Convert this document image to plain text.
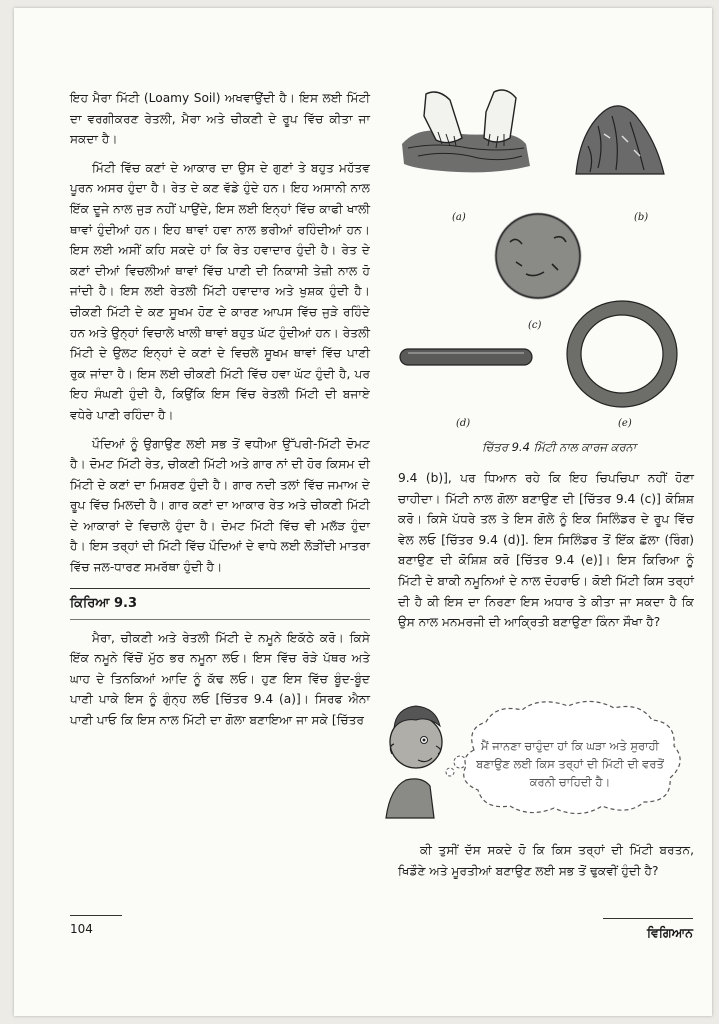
ਇਹ ਮੈਰਾ ਮਿੱਟੀ (Loamy Soil) ਅਖਵਾਉਂਦੀ ਹੈ। ਇਸ ਲਈ ਮਿੱਟੀ ਦਾ ਵਰਗੀਕਰਣ ਰੇਤਲੀ, ਮੈਰਾ ਅਤੇ ਚੀਕਣੀ ਦੇ ਰੂਪ ਵਿੱਚ ਕੀਤਾ ਜਾ ਸਕਦਾ ਹੈ।

ਮਿੱਟੀ ਵਿੱਚ ਕਣਾਂ ਦੇ ਆਕਾਰ ਦਾ ਉਸ ਦੇ ਗੁਣਾਂ ਤੇ ਬਹੁਤ ਮਹੱਤਵ ਪੂਰਨ ਅਸਰ ਹੁੰਦਾ ਹੈ। ਰੇਤ ਦੇ ਕਣ ਵੱਡੇ ਹੁੰਦੇ ਹਨ। ਇਹ ਅਸਾਨੀ ਨਾਲ ਇੱਕ ਦੂਜੇ ਨਾਲ ਜੁੜ ਨਹੀਂ ਪਾਉਂਦੇ, ਇਸ ਲਈ ਇਨ੍ਹਾਂ ਵਿੱਚ ਕਾਫੀ ਖਾਲੀ ਥਾਵਾਂ ਹੁੰਦੀਆਂ ਹਨ। ਇਹ ਥਾਵਾਂ ਹਵਾ ਨਾਲ ਭਰੀਆਂ ਰਹਿੰਦੀਆਂ ਹਨ। ਇਸ ਲਈ ਅਸੀਂ ਕਹਿ ਸਕਦੇ ਹਾਂ ਕਿ ਰੇਤ ਹਵਾਦਾਰ ਹੁੰਦੀ ਹੈ। ਰੇਤ ਦੇ ਕਣਾਂ ਦੀਆਂ ਵਿਚਲੀਆਂ ਥਾਵਾਂ ਵਿੱਚ ਪਾਣੀ ਦੀ ਨਿਕਾਸੀ ਤੇਜ਼ੀ ਨਾਲ ਹੋ ਜਾਂਦੀ ਹੈ। ਇਸ ਲਈ ਰੇਤਲੀ ਮਿੱਟੀ ਹਵਾਦਾਰ ਅਤੇ ਖੁਸ਼ਕ ਹੁੰਦੀ ਹੈ। ਚੀਕਣੀ ਮਿੱਟੀ ਦੇ ਕਣ ਸੂਖਮ ਹੋਣ ਦੇ ਕਾਰਣ ਆਪਸ ਵਿੱਚ ਜੁੜੇ ਰਹਿੰਦੇ ਹਨ ਅਤੇ ਉਨ੍ਹਾਂ ਵਿਚਾਲੇ ਖਾਲੀ ਥਾਵਾਂ ਬਹੁਤ ਘੱਟ ਹੁੰਦੀਆਂ ਹਨ। ਰੇਤਲੀ ਮਿੱਟੀ ਦੇ ਉਲਟ ਇਨ੍ਹਾਂ ਦੇ ਕਣਾਂ ਦੇ ਵਿਚਲੇ ਸੂਖਮ ਥਾਵਾਂ ਵਿੱਚ ਪਾਣੀ ਰੁਕ ਜਾਂਦਾ ਹੈ। ਇਸ ਲਈ ਚੀਕਣੀ ਮਿੱਟੀ ਵਿੱਚ ਹਵਾ ਘੱਟ ਹੁੰਦੀ ਹੈ, ਪਰ ਇਹ ਸੰਘਣੀ ਹੁੰਦੀ ਹੈ, ਕਿਉਂਕਿ ਇਸ ਵਿੱਚ ਰੇਤਲੀ ਮਿੱਟੀ ਦੀ ਬਜਾਏ ਵਧੇਰੇ ਪਾਣੀ ਰਹਿੰਦਾ ਹੈ।

ਪੌਦਿਆਂ ਨੂੰ ਉਗਾਉਣ ਲਈ ਸਭ ਤੋਂ ਵਧੀਆ ਉੱਪਰੀ-ਮਿੱਟੀ ਦੋਮਟ ਹੈ। ਦੋਮਟ ਮਿੱਟੀ ਰੇਤ, ਚੀਕਣੀ ਮਿੱਟੀ ਅਤੇ ਗਾਰ ਨਾਂ ਦੀ ਹੋਰ ਕਿਸਮ ਦੀ ਮਿੱਟੀ ਦੇ ਕਣਾਂ ਦਾ ਮਿਸ਼ਰਣ ਹੁੰਦੀ ਹੈ। ਗਾਰ ਨਦੀ ਤਲਾਂ ਵਿੱਚ ਜਮਾਅ ਦੇ ਰੂਪ ਵਿੱਚ ਮਿਲਦੀ ਹੈ। ਗਾਰ ਕਣਾਂ ਦਾ ਆਕਾਰ ਰੇਤ ਅਤੇ ਚੀਕਣੀ ਮਿੱਟੀ ਦੇ ਆਕਾਰਾਂ ਦੇ ਵਿਚਾਲੇ ਹੁੰਦਾ ਹੈ। ਦੋਮਟ ਮਿੱਟੀ ਵਿੱਚ ਵੀ ਮਲੱੜ ਹੁੰਦਾ ਹੈ। ਇਸ ਤਰ੍ਹਾਂ ਦੀ ਮਿੱਟੀ ਵਿੱਚ ਪੌਦਿਆਂ ਦੇ ਵਾਧੇ ਲਈ ਲੋੜੀਂਦੀ ਮਾਤਰਾ ਵਿੱਚ ਜਲ-ਧਾਰਣ ਸਮਰੱਥਾ ਹੁੰਦੀ ਹੈ।

ਕਿਰਿਆ 9.3

ਮੈਰਾ, ਚੀਕਣੀ ਅਤੇ ਰੇਤਲੀ ਮਿੱਟੀ ਦੇ ਨਮੂਨੇ ਇਕੱਠੇ ਕਰੋ। ਕਿਸੇ ਇੱਕ ਨਮੂਨੇ ਵਿੱਚੋਂ ਮੁੱਠ ਭਰ ਨਮੂਨਾ ਲਓ। ਇਸ ਵਿੱਚ ਰੋੜੇ ਪੱਥਰ ਅਤੇ ਘਾਹ ਦੇ ਤਿਨਕਿਆਂ ਆਦਿ ਨੂੰ ਕੱਢ ਲਓ। ਹੁਣ ਇਸ ਵਿੱਚ ਬੂੰਦ-ਬੂੰਦ ਪਾਣੀ ਪਾਕੇ ਇਸ ਨੂੰ ਗੁੰਨ੍ਹ ਲਓ [ਚਿੱਤਰ 9.4 (a)]। ਸਿਰਫ ਐਨਾ ਪਾਣੀ ਪਾਓ ਕਿ ਇਸ ਨਾਲ ਮਿੱਟੀ ਦਾ ਗੋਲਾ ਬਣਾਇਆ ਜਾ ਸਕੇ [ਚਿੱਤਰ

(a)	(b)
(c)
(d)	(e)
ਚਿੱਤਰ 9.4 ਮਿੱਟੀ ਨਾਲ ਕਾਰਜ ਕਰਨਾ

9.4 (b)], ਪਰ ਧਿਆਨ ਰਹੇ ਕਿ ਇਹ ਚਿਪਚਿਪਾ ਨਹੀਂ ਹੋਣਾ ਚਾਹੀਦਾ। ਮਿੱਟੀ ਨਾਲ ਗੋਲਾ ਬਣਾਉਣ ਦੀ [ਚਿੱਤਰ 9.4 (c)] ਕੋਸ਼ਿਸ਼ ਕਰੋ। ਕਿਸੇ ਪੱਧਰੇ ਤਲ ਤੇ ਇਸ ਗੋਲੇ ਨੂੰ ਇਕ ਸਿਲਿੰਡਰ ਦੇ ਰੂਪ ਵਿੱਚ ਵੇਲ ਲਓ [ਚਿੱਤਰ 9.4 (d)]. ਇਸ ਸਿਲਿੰਡਰ ਤੋਂ ਇੱਕ ਛੱਲਾ (ਰਿੰਗ) ਬਣਾਉਣ ਦੀ ਕੋਸ਼ਿਸ਼ ਕਰੋ [ਚਿੱਤਰ 9.4 (e)]। ਇਸ ਕਿਰਿਆ ਨੂੰ ਮਿੱਟੀ ਦੇ ਬਾਕੀ ਨਮੂਨਿਆਂ ਦੇ ਨਾਲ ਦੋਹਰਾਓ। ਕੋਈ ਮਿੱਟੀ ਕਿਸ ਤਰ੍ਹਾਂ ਦੀ ਹੈ ਕੀ ਇਸ ਦਾ ਨਿਰਣਾ ਇਸ ਅਧਾਰ ਤੇ ਕੀਤਾ ਜਾ ਸਕਦਾ ਹੈ ਕਿ ਉਸ ਨਾਲ ਮਨਮਰਜੀ ਦੀ ਆਕ੍ਰਿਤੀ ਬਣਾਉਣਾ ਕਿੰਨਾ ਸੌਖਾ ਹੈ?

ਮੈਂ ਜਾਨਣਾ ਚਾਹੁੰਦਾ ਹਾਂ ਕਿ ਘੜਾ ਅਤੇ ਸੁਰਾਹੀ ਬਣਾਉਣ ਲਈ ਕਿਸ ਤਰ੍ਹਾਂ ਦੀ ਮਿੱਟੀ ਦੀ ਵਰਤੋਂ ਕਰਨੀ ਚਾਹਿਦੀ ਹੈ।

ਕੀ ਤੁਸੀਂ ਦੱਸ ਸਕਦੇ ਹੋ ਕਿ ਕਿਸ ਤਰ੍ਹਾਂ ਦੀ ਮਿੱਟੀ ਬਰਤਨ, ਖਿਡੌਣੇ ਅਤੇ ਮੂਰਤੀਆਂ ਬਣਾਉਣ ਲਈ ਸਭ ਤੋਂ ਢੁਕਵੀਂ ਹੁੰਦੀ ਹੈ?

104	ਵਿਗਿਆਨ
